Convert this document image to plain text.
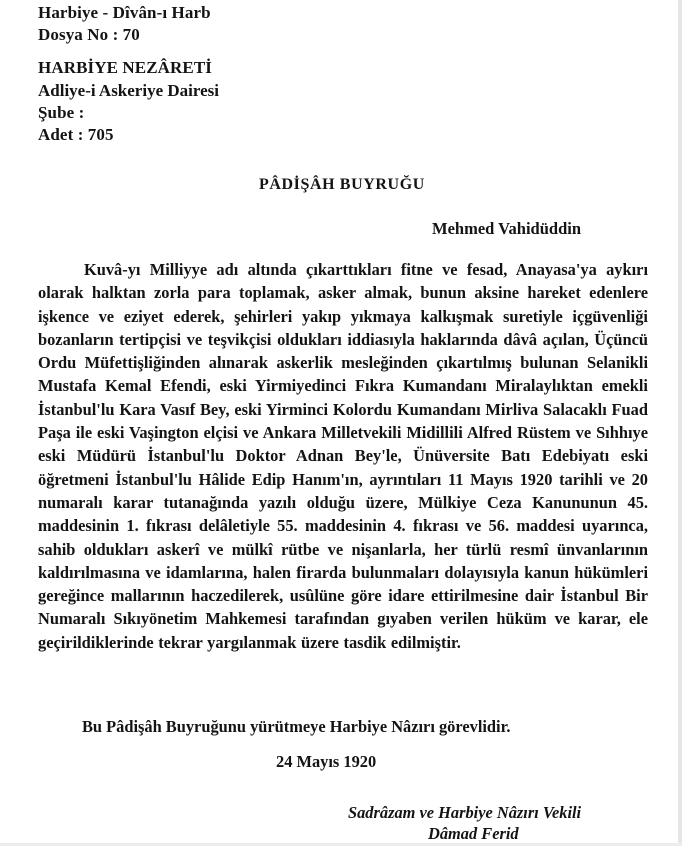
Harbiye - Dîvân-ı Harb
Dosya No : 70
HARBİYE NEZÂRETİ
Adliye-i Askeriye Dairesi
Şube :
Adet : 705
PÂDİŞÂH BUYRUĞU
Mehmed Vahidüddin

Kuvâ-yı Milliyye adı altında çıkarttıkları fitne ve fesad, Anayasa'ya aykırı olarak halktan zorla para toplamak, asker almak, bunun aksine hareket edenlere işkence ve eziyet ederek, şehirleri yakıp yıkmaya kalkışmak suretiyle içgüvenliği bozanların tertipçisi ve teşvikçisi oldukları iddiasıyla haklarında dâvâ açılan, Üçüncü Ordu Müfettişliğinden alınarak askerlik mesleğinden çıkartılmış bulunan Selanikli Mustafa Kemal Efendi, eski Yirmiyedinci Fıkra Kumandanı Miralaylıktan emekli İstanbul'lu Kara Vasıf Bey, eski Yirminci Kolordu Kumandanı Mirliva Salacaklı Fuad Paşa ile eski Vaşington elçisi ve Ankara Milletvekili Midillili Alfred Rüstem ve Sıhhıye eski Müdürü İstanbul'lu Doktor Adnan Bey'le, Ünüversite Batı Edebiyatı eski öğretmeni İstanbul'lu Hâlide Edip Hanım'ın, ayrıntıları 11 Mayıs 1920 tarihli ve 20 numaralı karar tutanağında yazılı olduğu üzere, Mülkiye Ceza Kanununun 45. maddesinin 1. fıkrası delâletiyle 55. maddesinin 4. fıkrası ve 56. maddesi uyarınca, sahib oldukları askerî ve mülkî rütbe ve nişanlarla, her türlü resmî ünvanlarının kaldırılmasına ve idamlarına, halen firarda bulunmaları dolayısıyla kanun hükümleri gereğince mallarının haczedilerek, usûlüne göre idare ettirilmesine dair İstanbul Bir Numaralı Sıkıyönetim Mahkemesi tarafından gıyaben verilen hüküm ve karar, ele geçirildiklerinde tekrar yargılanmak üzere tasdik edilmiştir.

Bu Pâdişâh Buyruğunu yürütmeye Harbiye Nâzırı görevlidir.
24 Mayıs 1920
Sadrâzam ve Harbiye Nâzırı Vekili
Dâmad Ferid
